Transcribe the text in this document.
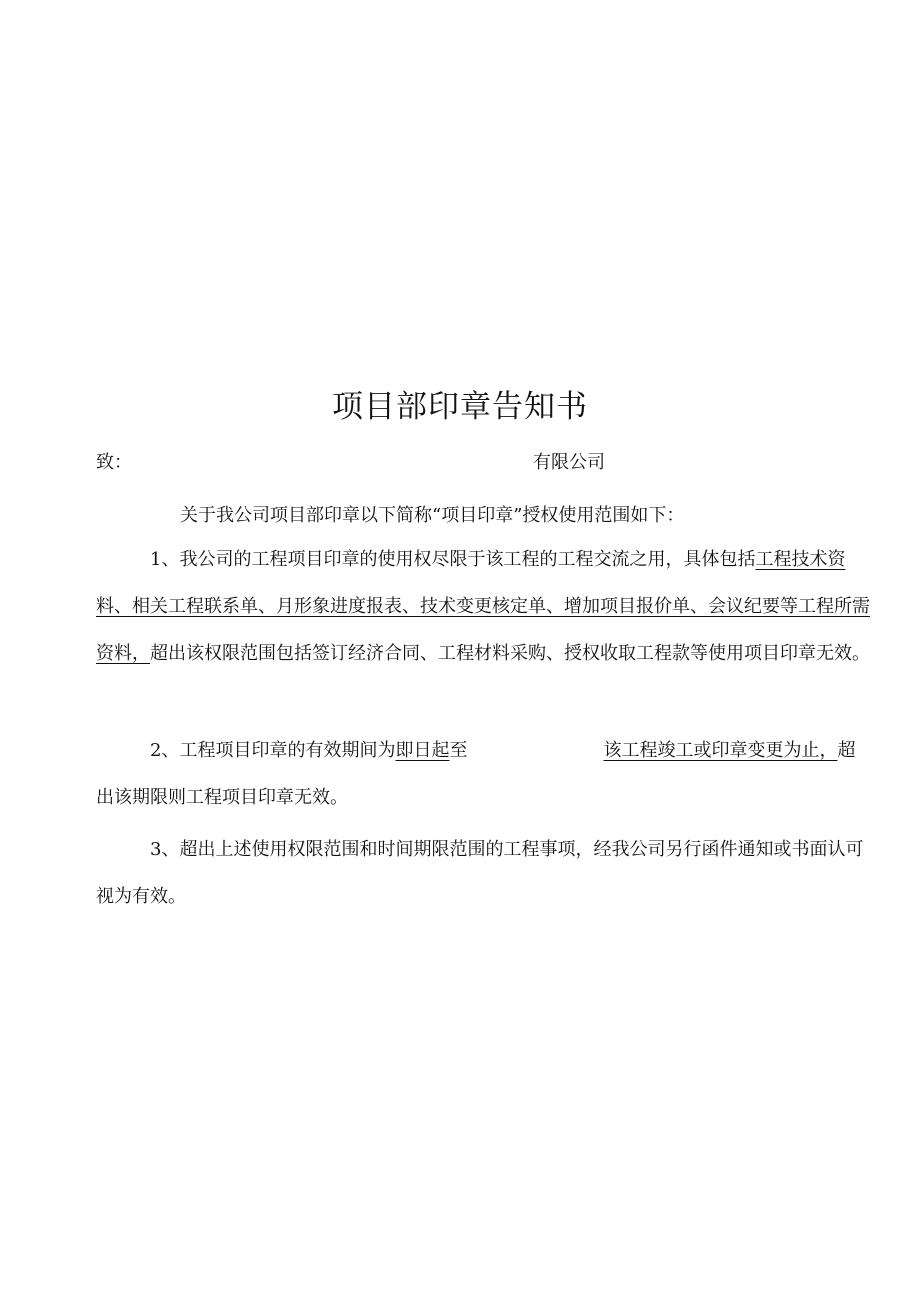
项目部印章告知书
致：	有限公司
关于我公司项目部印章以下简称“项目印章”授权使用范围如下：
1、我公司的工程项目印章的使用权尽限于该工程的工程交流之用，具体包括工程技术资料、相关工程联系单、月形象进度报表、技术变更核定单、增加项目报价单、会议纪要等工程所需资料，超出该权限范围包括签订经济合同、工程材料采购、授权收取工程款等使用项目印章无效。
2、工程项目印章的有效期间为即日起至	该工程竣工或印章变更为止，超出该期限则工程项目印章无效。
3、超出上述使用权限范围和时间期限范围的工程事项，经我公司另行函件通知或书面认可视为有效。
